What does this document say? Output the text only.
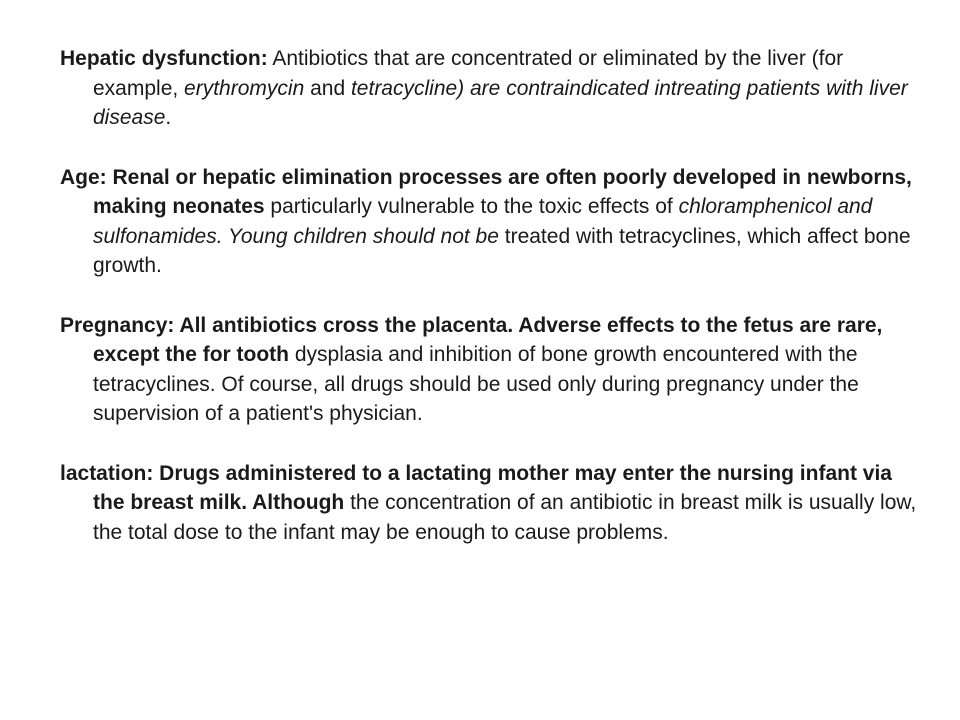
Hepatic dysfunction: Antibiotics that are concentrated or eliminated by the liver (for example, erythromycin and tetracycline) are contraindicated intreating patients with liver disease.

Age: Renal or hepatic elimination processes are often poorly developed in newborns, making neonates particularly vulnerable to the toxic effects of chloramphenicol and sulfonamides. Young children should not be treated with tetracyclines, which affect bone growth.

Pregnancy: All antibiotics cross the placenta. Adverse effects to the fetus are rare, except the for tooth dysplasia and inhibition of bone growth encountered with the tetracyclines. Of course, all drugs should be used only during pregnancy under the supervision of a patient's physician.

lactation: Drugs administered to a lactating mother may enter the nursing infant via the breast milk. Although the concentration of an antibiotic in breast milk is usually low, the total dose to the infant may be enough to cause problems.
